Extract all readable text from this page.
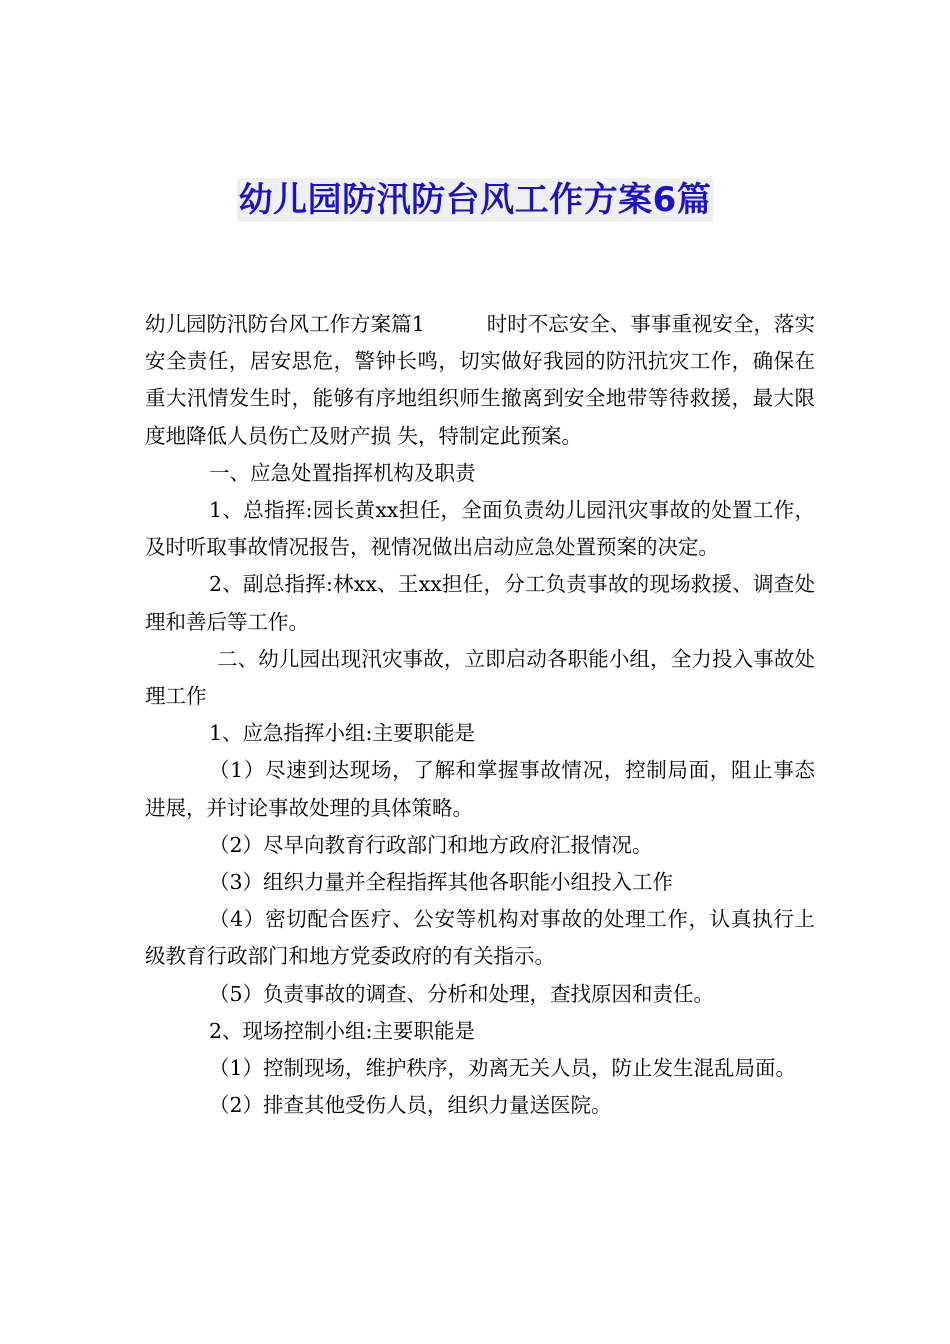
幼儿园防汛防台风工作方案6篇

幼儿园防汛防台风工作方案篇1	时时不忘安全、事事重视安全，落实安全责任，居安思危，警钟长鸣，切实做好我园的防汛抗灾工作，确保在重大汛情发生时，能够有序地组织师生撤离到安全地带等待救援，最大限度地降低人员伤亡及财产损 失，特制定此预案。

一、应急处置指挥机构及职责

1、总指挥:园长黄xx担任，全面负责幼儿园汛灾事故的处置工作，及时听取事故情况报告，视情况做出启动应急处置预案的决定。

2、副总指挥:林xx、王xx担任，分工负责事故的现场救援、调查处理和善后等工作。

二、幼儿园出现汛灾事故，立即启动各职能小组，全力投入事故处理工作

1、应急指挥小组:主要职能是

（1）尽速到达现场，了解和掌握事故情况，控制局面，阻止事态进展，并讨论事故处理的具体策略。

（2）尽早向教育行政部门和地方政府汇报情况。

（3）组织力量并全程指挥其他各职能小组投入工作

（4）密切配合医疗、公安等机构对事故的处理工作，认真执行上级教育行政部门和地方党委政府的有关指示。

（5）负责事故的调查、分析和处理，查找原因和责任。

2、现场控制小组:主要职能是

（1）控制现场，维护秩序，劝离无关人员，防止发生混乱局面。

（2）排查其他受伤人员，组织力量送医院。
